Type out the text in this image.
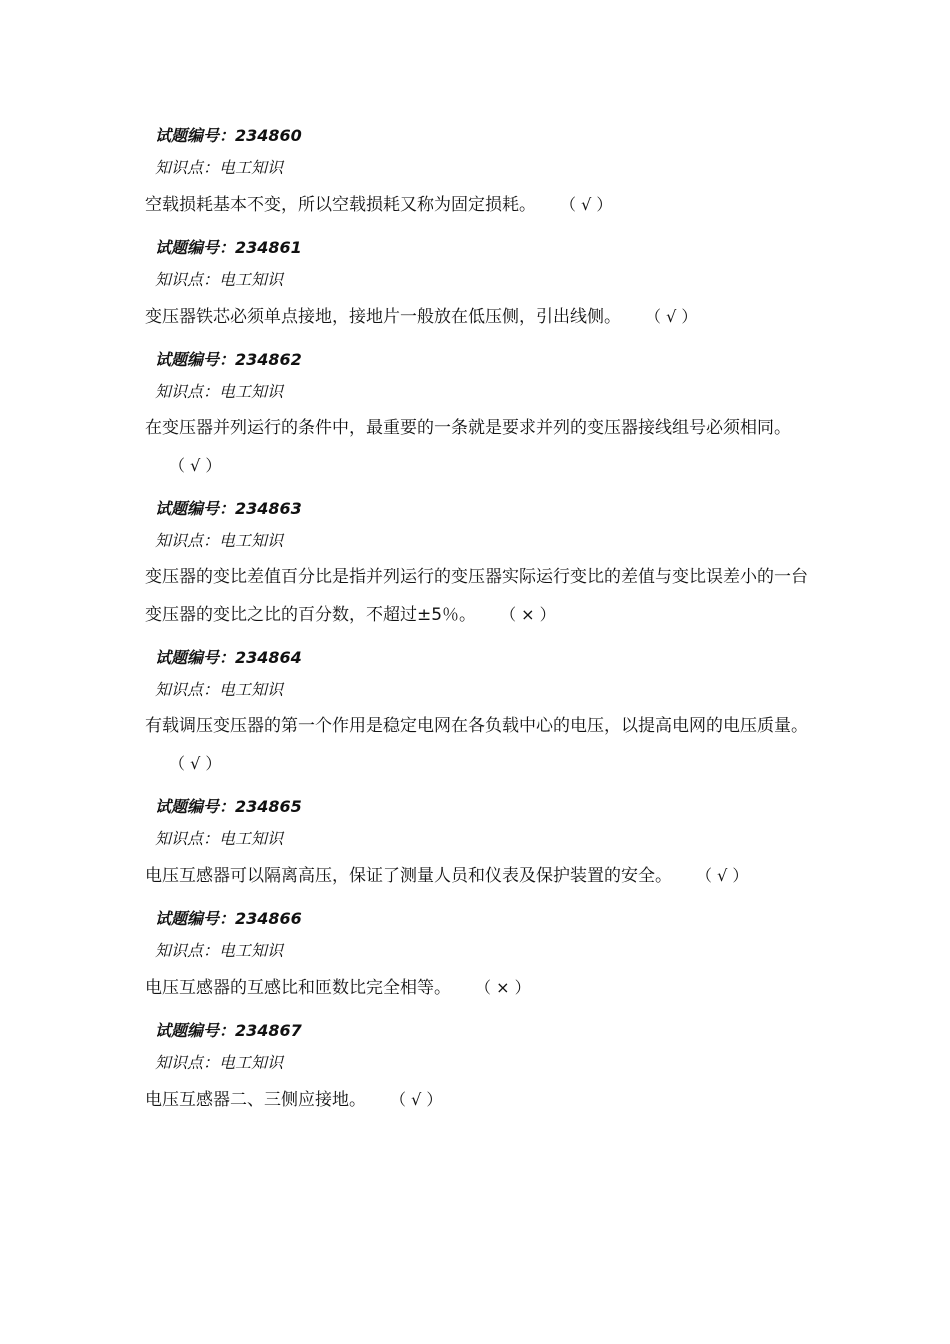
试题编号：234860
知识点：电工知识

空载损耗基本不变，所以空载损耗又称为固定损耗。 （ √ ）

试题编号：234861
知识点：电工知识

变压器铁芯必须单点接地，接地片一般放在低压侧，引出线侧。 （ √ ）

试题编号：234862
知识点：电工知识

在变压器并列运行的条件中，最重要的一条就是要求并列的变压器接线组号必须相同。（ √ ）

试题编号：234863
知识点：电工知识

变压器的变比差值百分比是指并列运行的变压器实际运行变比的差值与变比误差小的一台变压器的变比之比的百分数，不超过±5％。 （ × ）

试题编号：234864
知识点：电工知识

有载调压变压器的第一个作用是稳定电网在各负载中心的电压，以提高电网的电压质量。（ √ ）

试题编号：234865
知识点：电工知识

电压互感器可以隔离高压，保证了测量人员和仪表及保护装置的安全。 （ √ ）

试题编号：234866
知识点：电工知识

电压互感器的互感比和匝数比完全相等。 （ × ）

试题编号：234867
知识点：电工知识

电压互感器二、三侧应接地。 （ √ ）
